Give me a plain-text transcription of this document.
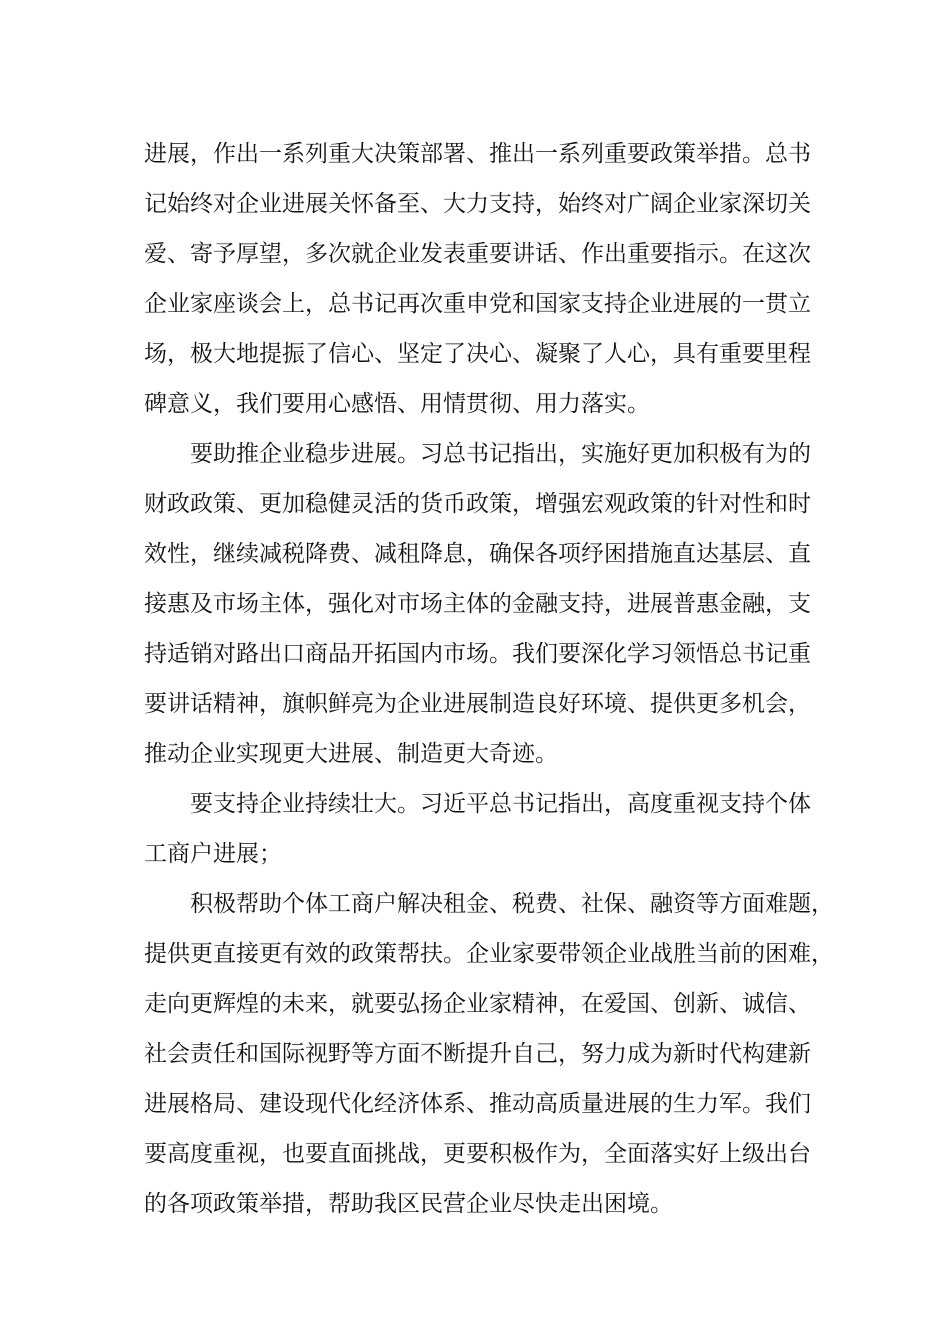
进展，作出一系列重大决策部署、推出一系列重要政策举措。总书
记始终对企业进展关怀备至、大力支持，始终对广阔企业家深切关
爱、寄予厚望，多次就企业发表重要讲话、作出重要指示。在这次
企业家座谈会上，总书记再次重申党和国家支持企业进展的一贯立
场，极大地提振了信心、坚定了决心、凝聚了人心，具有重要里程
碑意义，我们要用心感悟、用情贯彻、用力落实。
要助推企业稳步进展。习总书记指出，实施好更加积极有为的
财政政策、更加稳健灵活的货币政策，增强宏观政策的针对性和时
效性，继续减税降费、减租降息，确保各项纾困措施直达基层、直
接惠及市场主体，强化对市场主体的金融支持，进展普惠金融，支
持适销对路出口商品开拓国内市场。我们要深化学习领悟总书记重
要讲话精神，旗帜鲜亮为企业进展制造良好环境、提供更多机会，
推动企业实现更大进展、制造更大奇迹。
要支持企业持续壮大。习近平总书记指出，高度重视支持个体
工商户进展；
积极帮助个体工商户解决租金、税费、社保、融资等方面难题，
提供更直接更有效的政策帮扶。企业家要带领企业战胜当前的困难，
走向更辉煌的未来，就要弘扬企业家精神，在爱国、创新、诚信、
社会责任和国际视野等方面不断提升自己，努力成为新时代构建新
进展格局、建设现代化经济体系、推动高质量进展的生力军。我们
要高度重视，也要直面挑战，更要积极作为，全面落实好上级出台
的各项政策举措，帮助我区民营企业尽快走出困境。
